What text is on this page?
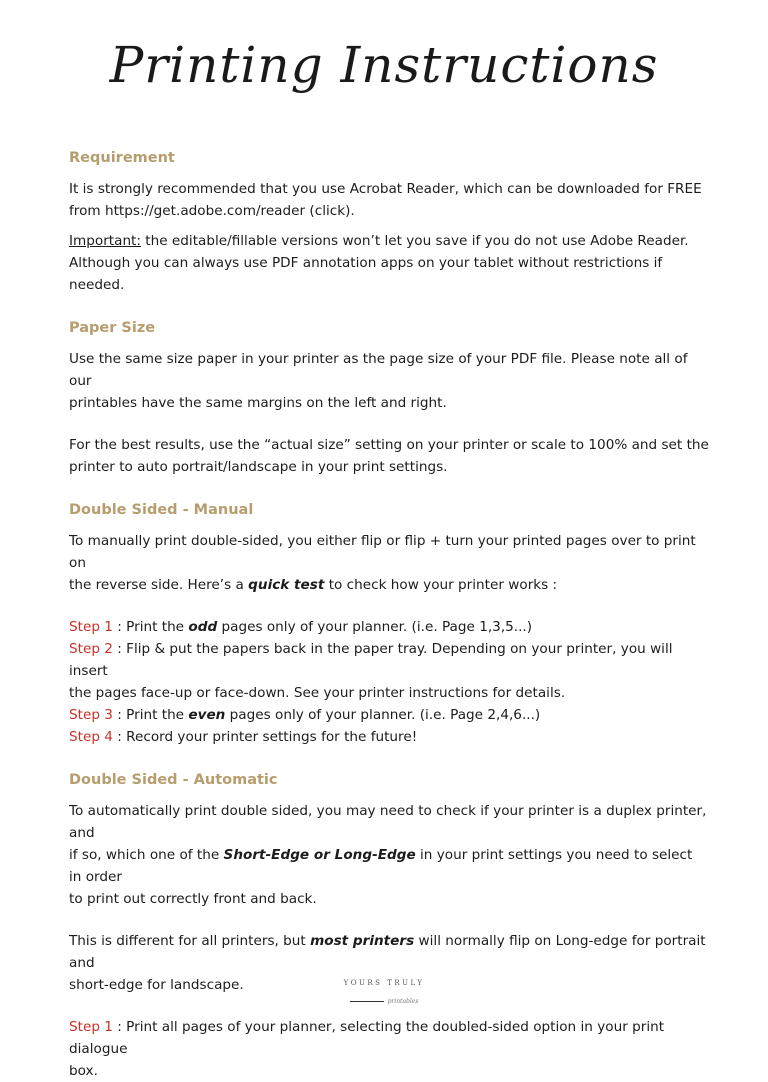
Printing Instructions
Requirement

It is strongly recommended that you use Acrobat Reader, which can be downloaded for FREE
from https://get.adobe.com/reader (click).

Important: the editable/fillable versions won’t let you save if you do not use Adobe Reader.
Although you can always use PDF annotation apps on your tablet without restrictions if needed.

Paper Size

Use the same size paper in your printer as the page size of your PDF file. Please note all of our
printables have the same margins on the left and right.

For the best results, use the “actual size” setting on your printer or scale to 100% and set the
printer to auto portrait/landscape in your print settings.

Double Sided - Manual

To manually print double-sided, you either flip or flip + turn your printed pages over to print on
the reverse side. Here’s a quick test to check how your printer works :

Step 1 : Print the odd pages only of your planner. (i.e. Page 1,3,5...)
Step 2 : Flip & put the papers back in the paper tray. Depending on your printer, you will insert
the pages face-up or face-down. See your printer instructions for details.
Step 3 : Print the even pages only of your planner. (i.e. Page 2,4,6...)
Step 4 : Record your printer settings for the future!

Double Sided - Automatic

To automatically print double sided, you may need to check if your printer is a duplex printer, and
if so, which one of the Short-Edge or Long-Edge in your print settings you need to select in order
to print out correctly front and back.

This is different for all printers, but most printers will normally flip on Long-edge for portrait and
short-edge for landscape.

Step 1 : Print all pages of your planner, selecting the doubled-sided option in your print dialogue
box.

YOURS TRULY
printables
